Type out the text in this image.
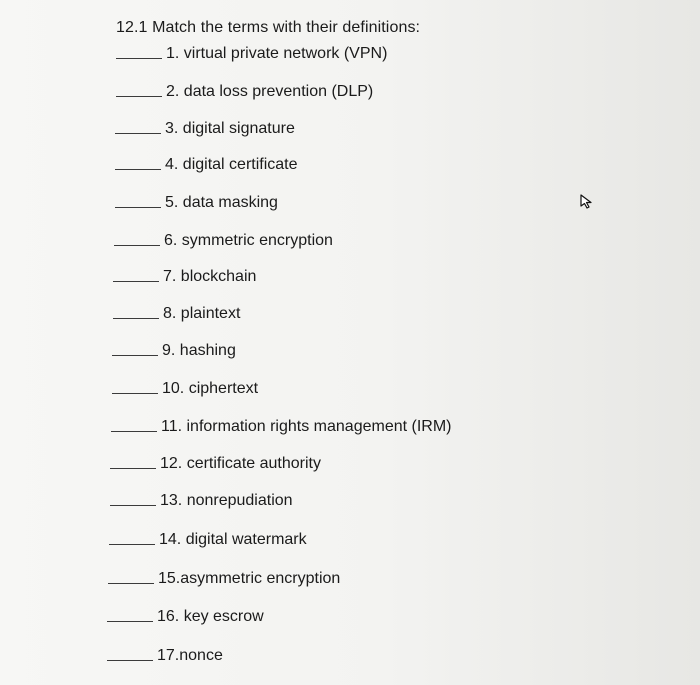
12.1 Match the terms with their definitions:
1. virtual private network (VPN)
2. data loss prevention (DLP)
3. digital signature
4. digital certificate
5. data masking
6. symmetric encryption
7. blockchain
8. plaintext
9. hashing
10. ciphertext
11. information rights management (IRM)
12. certificate authority
13. nonrepudiation
14. digital watermark
15.asymmetric encryption
16. key escrow
17.nonce
